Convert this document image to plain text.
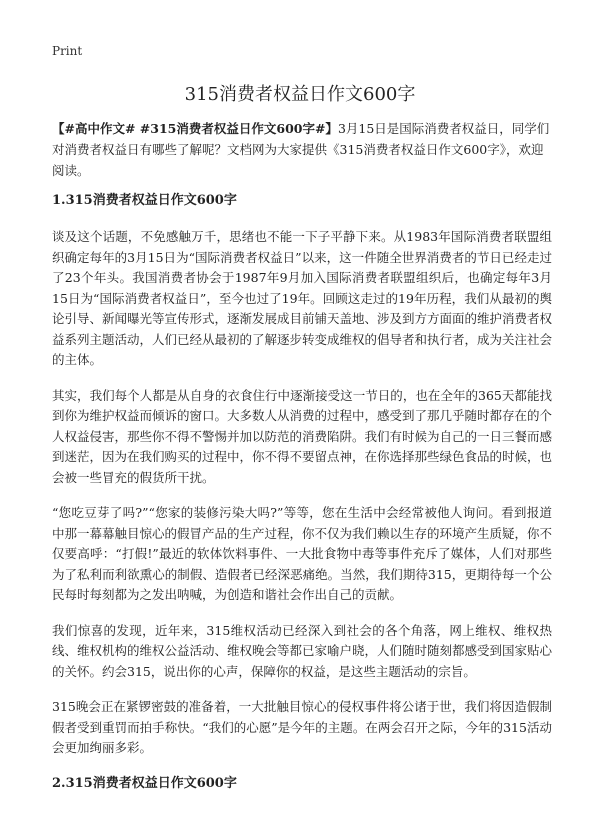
Print
315消费者权益日作文600字

【#高中作文# #315消费者权益日作文600字#】3月15日是国际消费者权益日，同学们对消费者权益日有哪些了解呢？文档网为大家提供《315消费者权益日作文600字》，欢迎阅读。

1.315消费者权益日作文600字

谈及这个话题，不免感触万千，思绪也不能一下子平静下来。从1983年国际消费者联盟组织确定每年的3月15日为“国际消费者权益日”以来，这一件随全世界消费者的节日已经走过了23个年头。我国消费者协会于1987年9月加入国际消费者联盟组织后，也确定每年3月15日为“国际消费者权益日”，至今也过了19年。回顾这走过的19年历程，我们从最初的舆论引导、新闻曝光等宣传形式，逐渐发展成目前铺天盖地、涉及到方方面面的维护消费者权益系列主题活动，人们已经从最初的了解逐步转变成维权的倡导者和执行者，成为关注社会的主体。

其实，我们每个人都是从自身的衣食住行中逐渐接受这一节日的，也在全年的365天都能找到你为维护权益而倾诉的窗口。大多数人从消费的过程中，感受到了那几乎随时都存在的个人权益侵害，那些你不得不警惕并加以防范的消费陷阱。我们有时候为自己的一日三餐而感到迷茫，因为在我们购买的过程中，你不得不要留点神，在你选择那些绿色食品的时候，也会被一些冒充的假货所干扰。

“您吃豆芽了吗?”“您家的装修污染大吗?”等等，您在生活中会经常被他人询问。看到报道中那一幕幕触目惊心的假冒产品的生产过程，你不仅为我们赖以生存的环境产生质疑，你不仅要高呼：“打假!”最近的软体饮料事件、一大批食物中毒等事件充斥了媒体，人们对那些为了私利而利欲熏心的制假、造假者已经深恶痛绝。当然，我们期待315，更期待每一个公民每时每刻都为之发出呐喊，为创造和谐社会作出自己的贡献。

我们惊喜的发现，近年来，315维权活动已经深入到社会的各个角落，网上维权、维权热线、维权机构的维权公益活动、维权晚会等都已家喻户晓，人们随时随刻都感受到国家贴心的关怀。约会315，说出你的心声，保障你的权益，是这些主题活动的宗旨。

315晚会正在紧锣密鼓的准备着，一大批触目惊心的侵权事件将公诸于世，我们将因造假制假者受到重罚而拍手称快。“我们的心愿”是今年的主题。在两会召开之际，今年的315活动会更加绚丽多彩。

2.315消费者权益日作文600字
